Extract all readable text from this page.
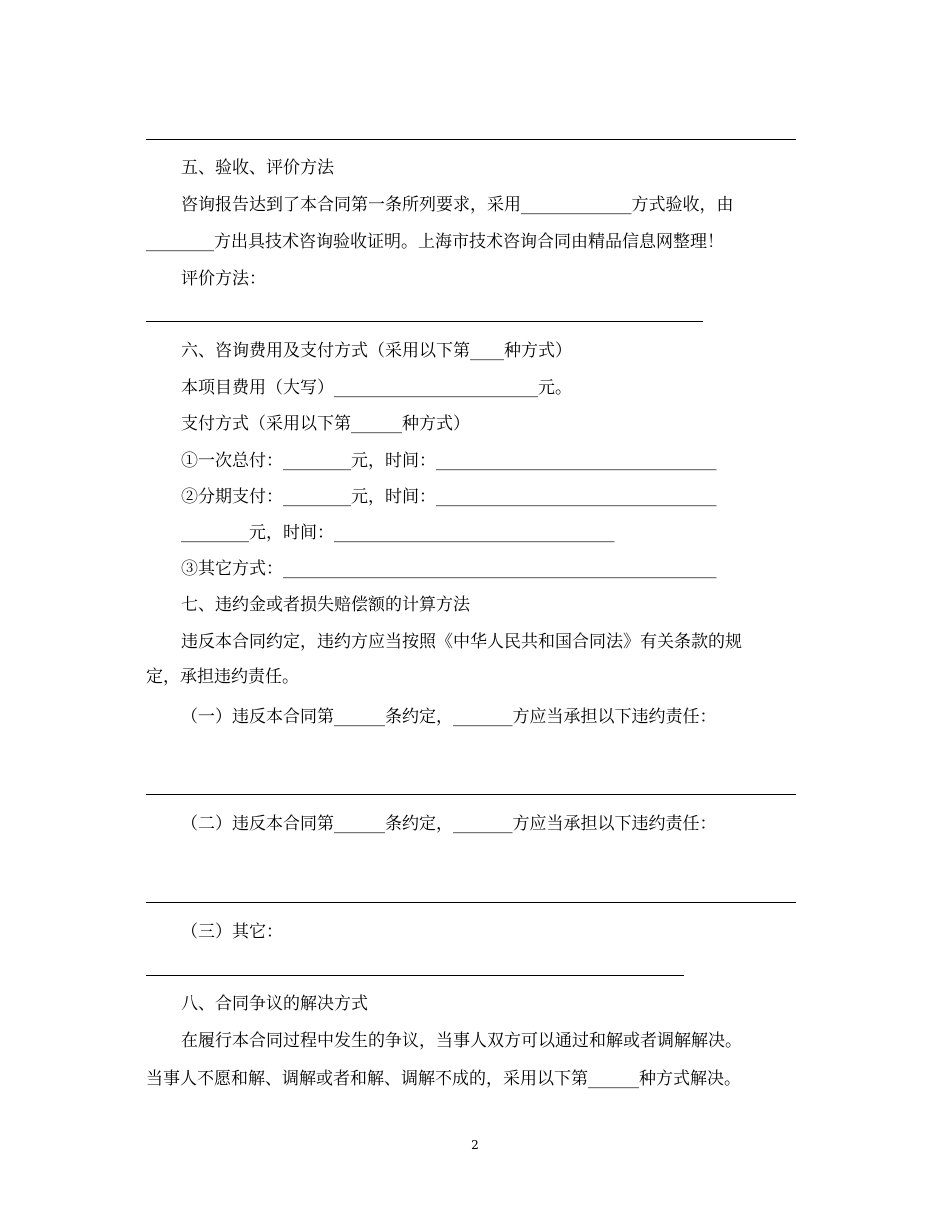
五、验收、评价方法
咨询报告达到了本合同第一条所列要求，采用_____________方式验收，由
________方出具技术咨询验收证明。上海市技术咨询合同由精品信息网整理！
评价方法：
六、咨询费用及支付方式（采用以下第____种方式）
本项目费用（大写）________________________元。
支付方式（采用以下第______种方式）
①一次总付：________元，时间：_________________________________
②分期支付：________元，时间：_________________________________
________元，时间：_________________________________
③其它方式：___________________________________________________
七、违约金或者损失赔偿额的计算方法
违反本合同约定，违约方应当按照《中华人民共和国合同法》有关条款的规
定，承担违约责任。
（一）违反本合同第______条约定，_______方应当承担以下违约责任：
（二）违反本合同第______条约定，_______方应当承担以下违约责任：
（三）其它：
八、合同争议的解决方式
在履行本合同过程中发生的争议，当事人双方可以通过和解或者调解解决。
当事人不愿和解、调解或者和解、调解不成的，采用以下第______种方式解决。
2
